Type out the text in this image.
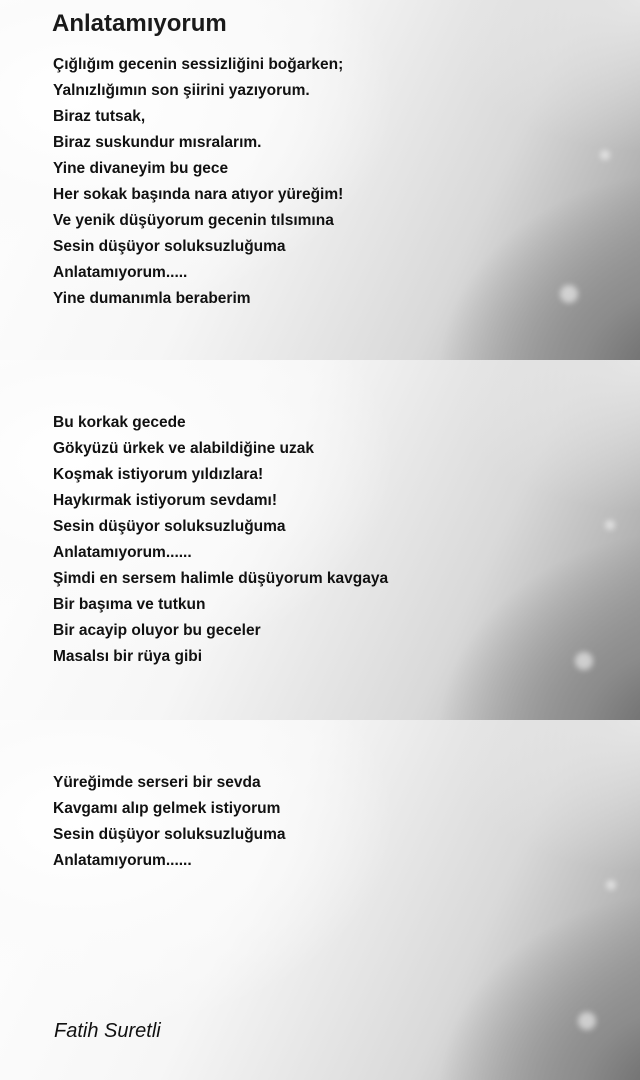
Anlatamıyorum
Çığlığım gecenin sessizliğini boğarken;
Yalnızlığımın son şiirini yazıyorum.
Biraz tutsak,
Biraz suskundur mısralarım.
Yine divaneyim bu gece
Her sokak başında nara atıyor yüreğim!
Ve yenik düşüyorum gecenin tılsımına
Sesin düşüyor soluksuzluğuma
Anlatamıyorum.....
Yine dumanımla beraberim
Bu korkak gecede
Gökyüzü ürkek ve alabildiğine uzak
Koşmak istiyorum yıldızlara!
Haykırmak istiyorum sevdamı!
Sesin düşüyor soluksuzluğuma
Anlatamıyorum......
Şimdi en sersem halimle düşüyorum kavgaya
Bir başıma ve tutkun
Bir acayip oluyor bu geceler
Masalsı bir rüya gibi
Yüreğimde serseri bir sevda
Kavgamı alıp gelmek istiyorum
Sesin düşüyor soluksuzluğuma
Anlatamıyorum......
Fatih Suretli
